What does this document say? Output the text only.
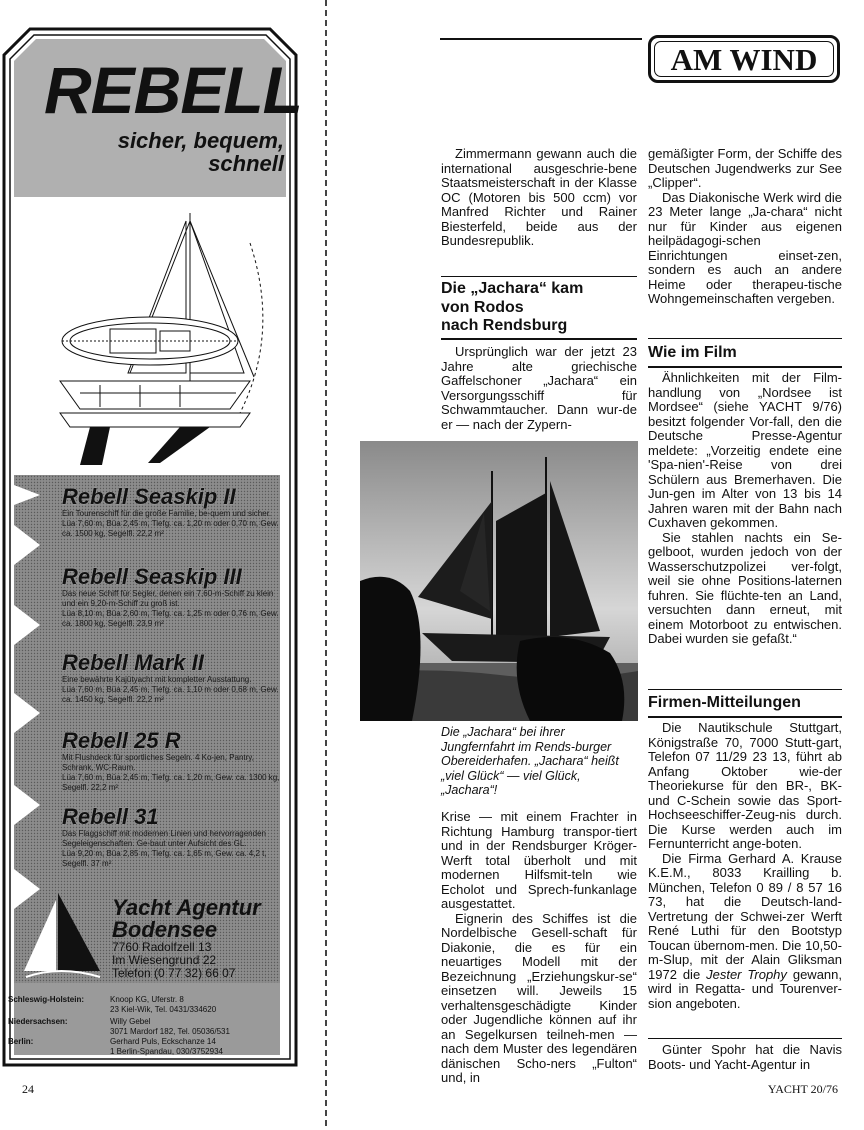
REBELL
sicher, bequem,
schnell
Rebell Seaskip II
Ein Tourenschiff für die große Familie, be-quem und sicher.
Lüa 7,60 m, Büa 2,45 m, Tiefg. ca. 1,20 m oder 0,70 m, Gew. ca. 1500 kg, Segelfl. 22,2 m²
Rebell Seaskip III
Das neue Schiff für Segler, denen ein 7,60-m-Schiff zu klein und ein 9,20-m-Schiff zu groß ist.
Lüa 8,10 m, Büa 2,60 m, Tiefg. ca. 1,25 m oder 0,76 m, Gew. ca. 1800 kg, Segelfl. 23,9 m²
Rebell Mark II
Eine bewährte Kajütyacht mit kompletter Ausstattung.
Lüa 7,60 m, Büa 2,45 m, Tiefg. ca. 1,10 m oder 0,68 m, Gew. ca. 1450 kg, Segelfl. 22,2 m²
Rebell 25 R
Mit Flushdeck für sportliches Segeln. 4 Ko-jen, Pantry, Schrank, WC-Raum.
Lüa 7,60 m, Büa 2,45 m, Tiefg. ca. 1,20 m, Gew. ca. 1300 kg, Segelfl. 22,2 m²
Rebell 31
Das Flaggschiff mit modernen Linien und hervorragenden Segeleigenschaften. Ge-baut unter Aufsicht des GL.
Lüa 9,20 m, Büa 2,85 m, Tiefg. ca. 1,65 m, Gew. ca. 4,2 t, Segelfl. 37 m²
Yacht Agentur
Bodensee
7760 Radolfzell 13
Im Wiesengrund 22
Telefon (0 77 32) 66 07
Schleswig-Holstein:	Knoop KG, Uferstr. 8
23 Kiel-Wik, Tel. 0431/334620
Niedersachsen:	Willy Gebel
3071 Mardorf 182, Tel. 05036/531
Berlin:	Gerhard Puls, Eckschanze 14
1 Berlin-Spandau, 030/3752934
AM WIND

Zimmermann gewann auch die international ausgeschrie-bene Staatsmeisterschaft in der Klasse OC (Motoren bis 500 ccm) vor Manfred Richter und Rainer Biesterfeld, beide aus der Bundesrepublik.

Die „Jachara“ kam
von Rodos
nach Rendsburg

Ursprünglich war der jetzt 23 Jahre alte griechische Gaffelschoner „Jachara“ ein Versorgungsschiff für Schwammtaucher. Dann wur-de er — nach der Zypern-

Die „Jachara“ bei ihrer Jungfernfahrt im Rends-burger Obereiderhafen. „Jachara“ heißt „viel Glück“ — viel Glück, „Jachara“!

Krise — mit einem Frachter in Richtung Hamburg transpor-tiert und in der Rendsburger Kröger-Werft total überholt und mit modernen Hilfsmit-teln wie Echolot und Sprech-funkanlage ausgestattet.

Eignerin des Schiffes ist die Nordelbische Gesell-schaft für Diakonie, die es für ein neuartiges Modell mit der Bezeichnung „Erziehungskur-se“ einsetzen will. Jeweils 15 verhaltensgeschädigte Kinder oder Jugendliche können auf ihr an Segelkursen teilneh-men — nach dem Muster des legendären dänischen Scho-ners „Fulton“ und, in

gemäßigter Form, der Schiffe des Deutschen Jugendwerks zur See „Clipper“.

Das Diakonische Werk wird die 23 Meter lange „Ja-chara“ nicht nur für Kinder aus eigenen heilpädagogi-schen Einrichtungen einset-zen, sondern es auch an andere Heime oder therapeu-tische Wohngemeinschaften vergeben.

Wie im Film

Ähnlichkeiten mit der Film-handlung von „Nordsee ist Mordsee“ (siehe YACHT 9/76) besitzt folgender Vor-fall, den die Deutsche Presse-Agentur meldete: „Vorzeitig endete eine 'Spa-nien'-Reise von drei Schülern aus Bremerhaven. Die Jun-gen im Alter von 13 bis 14 Jahren waren mit der Bahn nach Cuxhaven gekommen.

Sie stahlen nachts ein Se-gelboot, wurden jedoch von der Wasserschutzpolizei ver-folgt, weil sie ohne Positions-laternen fuhren. Sie flüchte-ten an Land, versuchten dann erneut, mit einem Motorboot zu entwischen. Dabei wurden sie gefaßt.“

Firmen-Mitteilungen

Die Nautikschule Stuttgart, Königstraße 70, 7000 Stutt-gart, Telefon 07 11/29 23 13, führt ab Anfang Oktober wie-der Theoriekurse für den BR-, BK- und C-Schein sowie das Sport-Hochseeschiffer-Zeug-nis durch. Die Kurse werden auch im Fernunterricht ange-boten.

Die Firma Gerhard A. Krause K.E.M., 8033 Krailling b. München, Telefon 0 89 / 8 57 16 73, hat die Deutsch-land-Vertretung der Schwei-zer Werft René Luthi für den Bootstyp Toucan übernom-men. Die 10,50-m-Slup, mit der Alain Gliksman 1972 die Jester Trophy gewann, wird in Regatta- und Tourenver-sion angeboten.

Günter Spohr hat die Navis Boots- und Yacht-Agentur in

24	YACHT 20/76
